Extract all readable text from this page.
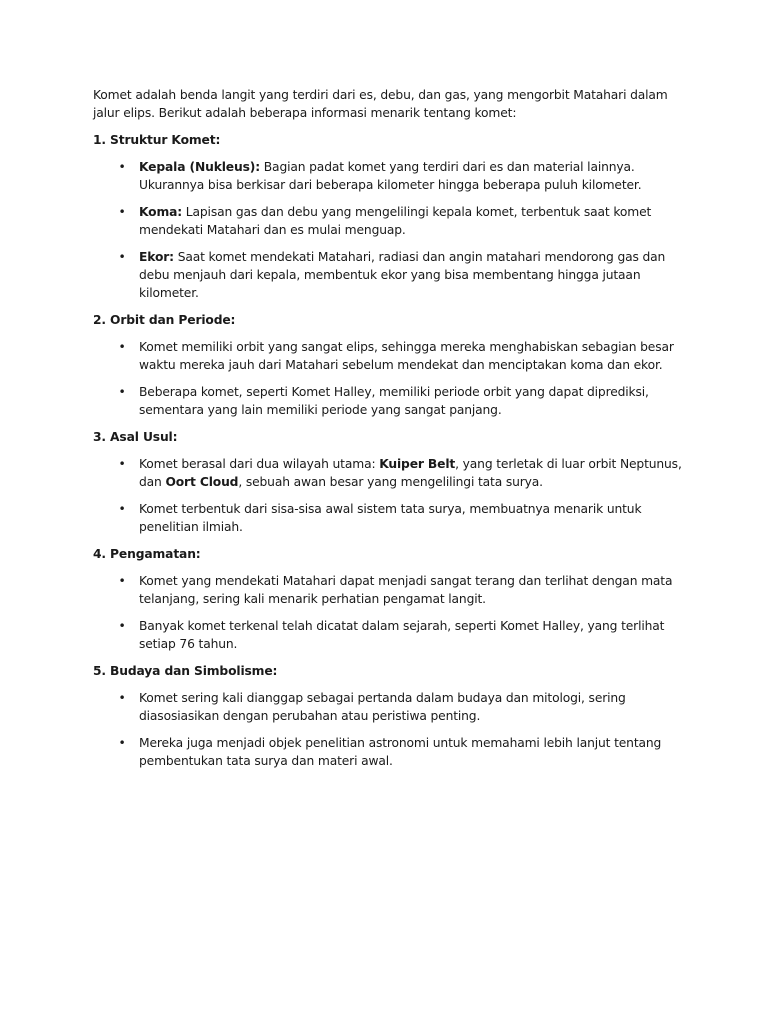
Komet adalah benda langit yang terdiri dari es, debu, dan gas, yang mengorbit Matahari dalam jalur elips. Berikut adalah beberapa informasi menarik tentang komet:

1. Struktur Komet:
• Kepala (Nukleus): Bagian padat komet yang terdiri dari es dan material lainnya. Ukurannya bisa berkisar dari beberapa kilometer hingga beberapa puluh kilometer.
• Koma: Lapisan gas dan debu yang mengelilingi kepala komet, terbentuk saat komet mendekati Matahari dan es mulai menguap.
• Ekor: Saat komet mendekati Matahari, radiasi dan angin matahari mendorong gas dan debu menjauh dari kepala, membentuk ekor yang bisa membentang hingga jutaan kilometer.
2. Orbit dan Periode:
• Komet memiliki orbit yang sangat elips, sehingga mereka menghabiskan sebagian besar waktu mereka jauh dari Matahari sebelum mendekat dan menciptakan koma dan ekor.
• Beberapa komet, seperti Komet Halley, memiliki periode orbit yang dapat diprediksi, sementara yang lain memiliki periode yang sangat panjang.
3. Asal Usul:
• Komet berasal dari dua wilayah utama: Kuiper Belt, yang terletak di luar orbit Neptunus, dan Oort Cloud, sebuah awan besar yang mengelilingi tata surya.
• Komet terbentuk dari sisa-sisa awal sistem tata surya, membuatnya menarik untuk penelitian ilmiah.
4. Pengamatan:
• Komet yang mendekati Matahari dapat menjadi sangat terang dan terlihat dengan mata telanjang, sering kali menarik perhatian pengamat langit.
• Banyak komet terkenal telah dicatat dalam sejarah, seperti Komet Halley, yang terlihat setiap 76 tahun.
5. Budaya dan Simbolisme:
• Komet sering kali dianggap sebagai pertanda dalam budaya dan mitologi, sering diasosiasikan dengan perubahan atau peristiwa penting.
• Mereka juga menjadi objek penelitian astronomi untuk memahami lebih lanjut tentang pembentukan tata surya dan materi awal.
